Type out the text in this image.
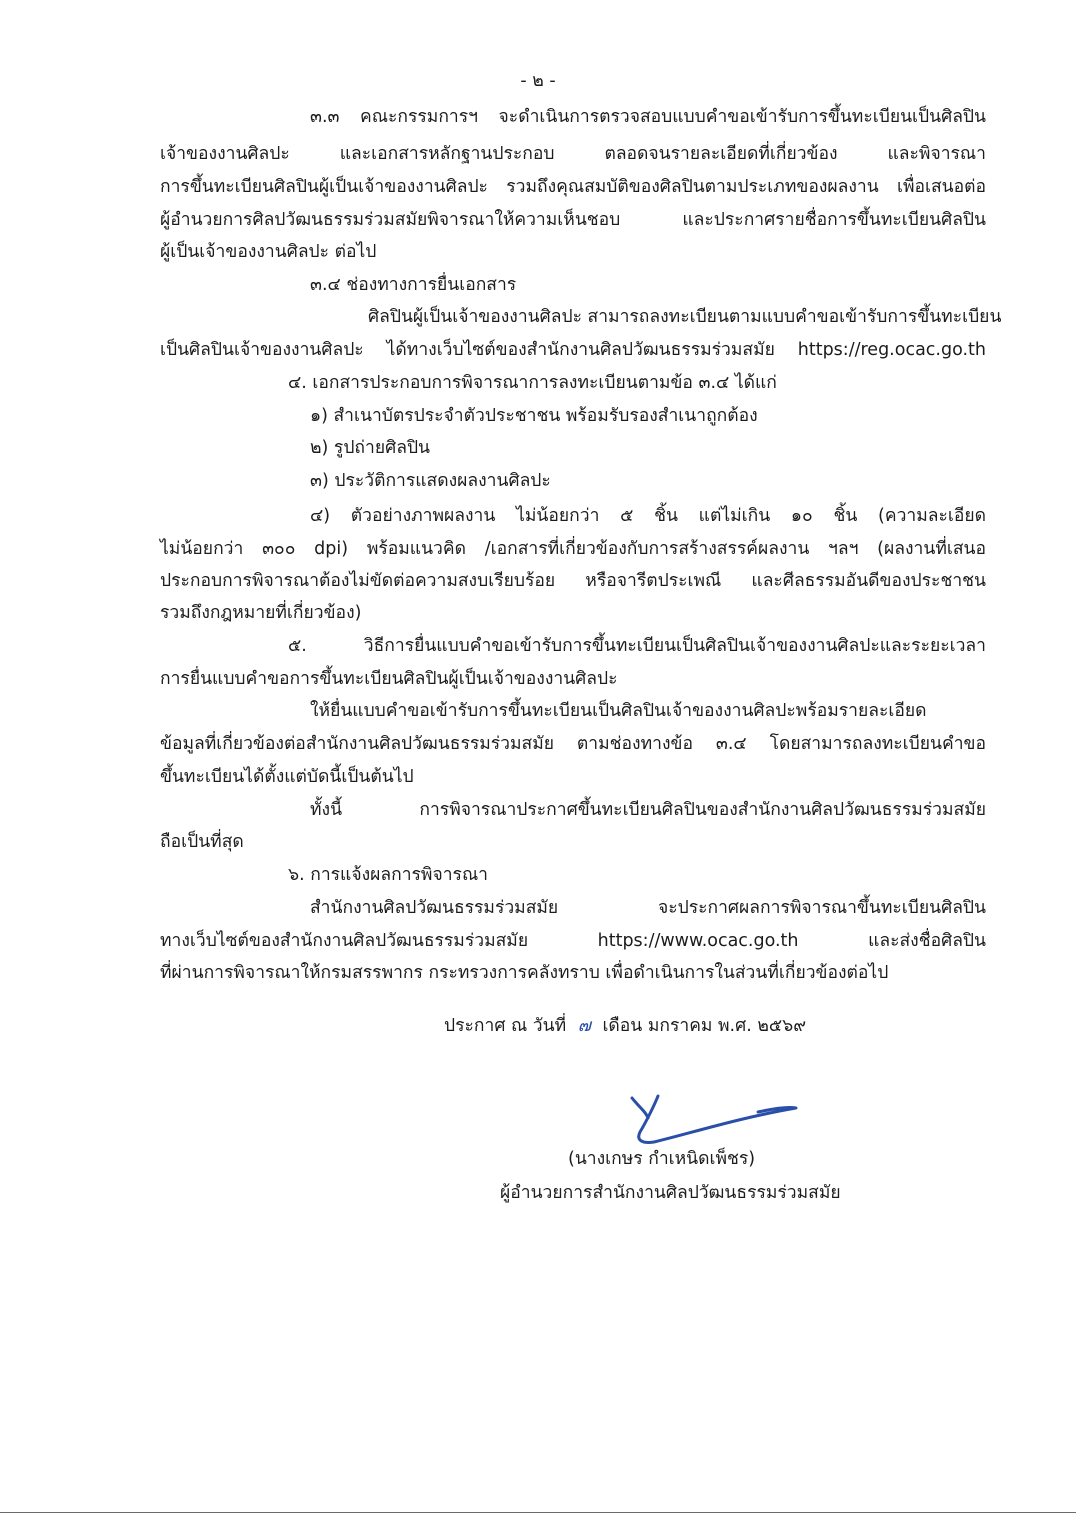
- ๒ -
๓.๓ คณะกรรมการฯ จะดำเนินการตรวจสอบแบบคำขอเข้ารับการขึ้นทะเบียนเป็นศิลปิน
เจ้าของงานศิลปะ และเอกสารหลักฐานประกอบ ตลอดจนรายละเอียดที่เกี่ยวข้อง และพิจารณา
การขึ้นทะเบียนศิลปินผู้เป็นเจ้าของงานศิลปะ รวมถึงคุณสมบัติของศิลปินตามประเภทของผลงาน เพื่อเสนอต่อ
ผู้อำนวยการศิลปวัฒนธรรมร่วมสมัยพิจารณาให้ความเห็นชอบ และประกาศรายชื่อการขึ้นทะเบียนศิลปิน
ผู้เป็นเจ้าของงานศิลปะ ต่อไป
๓.๔ ช่องทางการยื่นเอกสาร
ศิลปินผู้เป็นเจ้าของงานศิลปะ สามารถลงทะเบียนตามแบบคำขอเข้ารับการขึ้นทะเบียน
เป็นศิลปินเจ้าของงานศิลปะ ได้ทางเว็บไซต์ของสำนักงานศิลปวัฒนธรรมร่วมสมัย https://reg.ocac.go.th
๔. เอกสารประกอบการพิจารณาการลงทะเบียนตามข้อ ๓.๔ ได้แก่
๑) สำเนาบัตรประจำตัวประชาชน พร้อมรับรองสำเนาถูกต้อง
๒) รูปถ่ายศิลปิน
๓) ประวัติการแสดงผลงานศิลปะ
๔) ตัวอย่างภาพผลงาน ไม่น้อยกว่า ๕ ชิ้น แต่ไม่เกิน ๑๐ ชิ้น (ความละเอียด
ไม่น้อยกว่า ๓๐๐ dpi) พร้อมแนวคิด /เอกสารที่เกี่ยวข้องกับการสร้างสรรค์ผลงาน ฯลฯ (ผลงานที่เสนอ
ประกอบการพิจารณาต้องไม่ขัดต่อความสงบเรียบร้อย หรือจารีตประเพณี และศีลธรรมอันดีของประชาชน
รวมถึงกฎหมายที่เกี่ยวข้อง)
๕. วิธีการยื่นแบบคำขอเข้ารับการขึ้นทะเบียนเป็นศิลปินเจ้าของงานศิลปะและระยะเวลา
การยื่นแบบคำขอการขึ้นทะเบียนศิลปินผู้เป็นเจ้าของงานศิลปะ
ให้ยื่นแบบคำขอเข้ารับการขึ้นทะเบียนเป็นศิลปินเจ้าของงานศิลปะพร้อมรายละเอียด
ข้อมูลที่เกี่ยวข้องต่อสำนักงานศิลปวัฒนธรรมร่วมสมัย ตามช่องทางข้อ ๓.๔ โดยสามารถลงทะเบียนคำขอ
ขึ้นทะเบียนได้ตั้งแต่บัดนี้เป็นต้นไป
ทั้งนี้ การพิจารณาประกาศขึ้นทะเบียนศิลปินของสำนักงานศิลปวัฒนธรรมร่วมสมัย
ถือเป็นที่สุด
๖. การแจ้งผลการพิจารณา
สำนักงานศิลปวัฒนธรรมร่วมสมัย จะประกาศผลการพิจารณาขึ้นทะเบียนศิลปิน
ทางเว็บไซต์ของสำนักงานศิลปวัฒนธรรมร่วมสมัย https://www.ocac.go.th และส่งชื่อศิลปิน
ที่ผ่านการพิจารณาให้กรมสรรพากร กระทรวงการคลังทราบ เพื่อดำเนินการในส่วนที่เกี่ยวข้องต่อไป
ประกาศ ณ วันที่ ๗ เดือน มกราคม พ.ศ. ๒๕๖๙
(นางเกษร กำเหนิดเพ็ชร)
ผู้อำนวยการสำนักงานศิลปวัฒนธรรมร่วมสมัย
